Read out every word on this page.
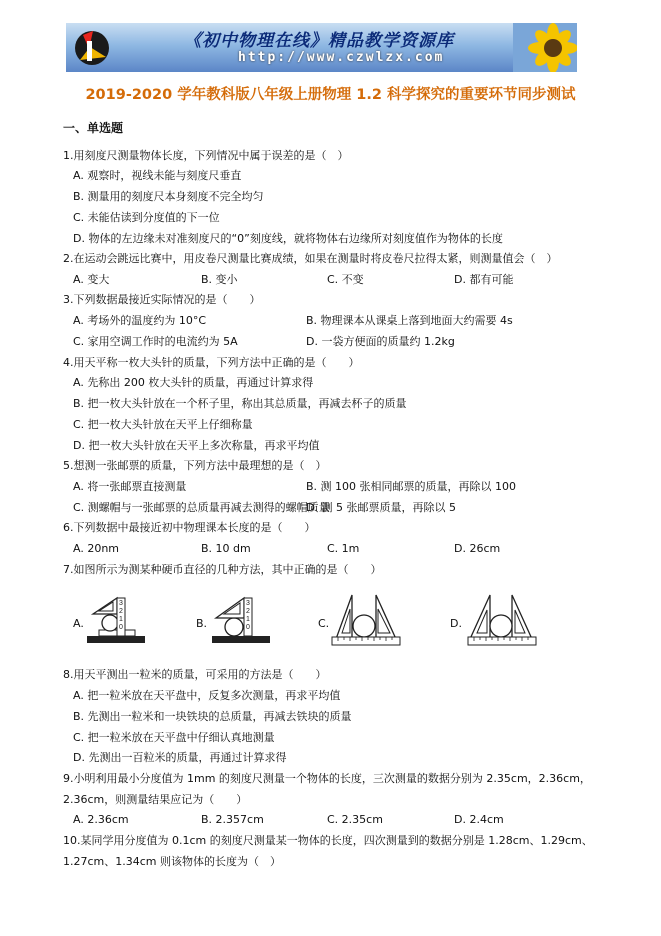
《初中物理在线》精品教学资源库
http://www.czwlzx.com
2019-2020 学年教科版八年级上册物理 1.2 科学探究的重要环节同步测试
一、单选题
1.用刻度尺测量物体长度，下列情况中属于误差的是（　）
A. 观察时，视线未能与刻度尺垂直
B. 测量用的刻度尺本身刻度不完全均匀
C. 未能估读到分度值的下一位
D. 物体的左边缘未对准刻度尺的“0”刻度线，就将物体右边缘所对刻度值作为物体的长度
2.在运动会跳远比赛中，用皮卷尺测量比赛成绩，如果在测量时将皮卷尺拉得太紧，则测量值会（　）
A. 变大	B. 变小	C. 不变	D. 都有可能
3.下列数据最接近实际情况的是（　　）
A. 考场外的温度约为 10°C	B. 物理课本从课桌上落到地面大约需要 4s
C. 家用空调工作时的电流约为 5A	D. 一袋方便面的质量约 1.2kg
4.用天平称一枚大头针的质量，下列方法中正确的是（　　）
A. 先称出 200 枚大头针的质量，再通过计算求得
B. 把一枚大头针放在一个杯子里，称出其总质量，再减去杯子的质量
C. 把一枚大头针放在天平上仔细称量
D. 把一枚大头针放在天平上多次称量，再求平均值
5.想测一张邮票的质量，下列方法中最理想的是（　）
A. 将一张邮票直接测量	B. 测 100 张相同邮票的质量，再除以 100
C. 测螺帽与一张邮票的总质量再减去测得的螺帽质量
D. 测 5 张邮票质量，再除以 5
6.下列数据中最接近初中物理课本长度的是（　　）
A. 20nm	B. 10 dm	C. 1m	D. 26cm
7.如图所示为测某种硬币直径的几种方法，其中正确的是（　　）
A.	B.	C.	D.
3
2
1
0
3
2
1
0
8.用天平测出一粒米的质量，可采用的方法是（　　）
A. 把一粒米放在天平盘中，反复多次测量，再求平均值
B. 先测出一粒米和一块铁块的总质量，再减去铁块的质量
C. 把一粒米放在天平盘中仔细认真地测量
D. 先测出一百粒米的质量，再通过计算求得
9.小明利用最小分度值为 1mm 的刻度尺测量一个物体的长度，三次测量的数据分别为 2.35cm，2.36cm，
2.36cm，则测量结果应记为（　　）
A. 2.36cm	B. 2.357cm	C. 2.35cm	D. 2.4cm
10.某同学用分度值为 0.1cm 的刻度尺测量某一物体的长度，四次测量到的数据分别是 1.28cm、1.29cm、
1.27cm、1.34cm 则该物体的长度为（　）
